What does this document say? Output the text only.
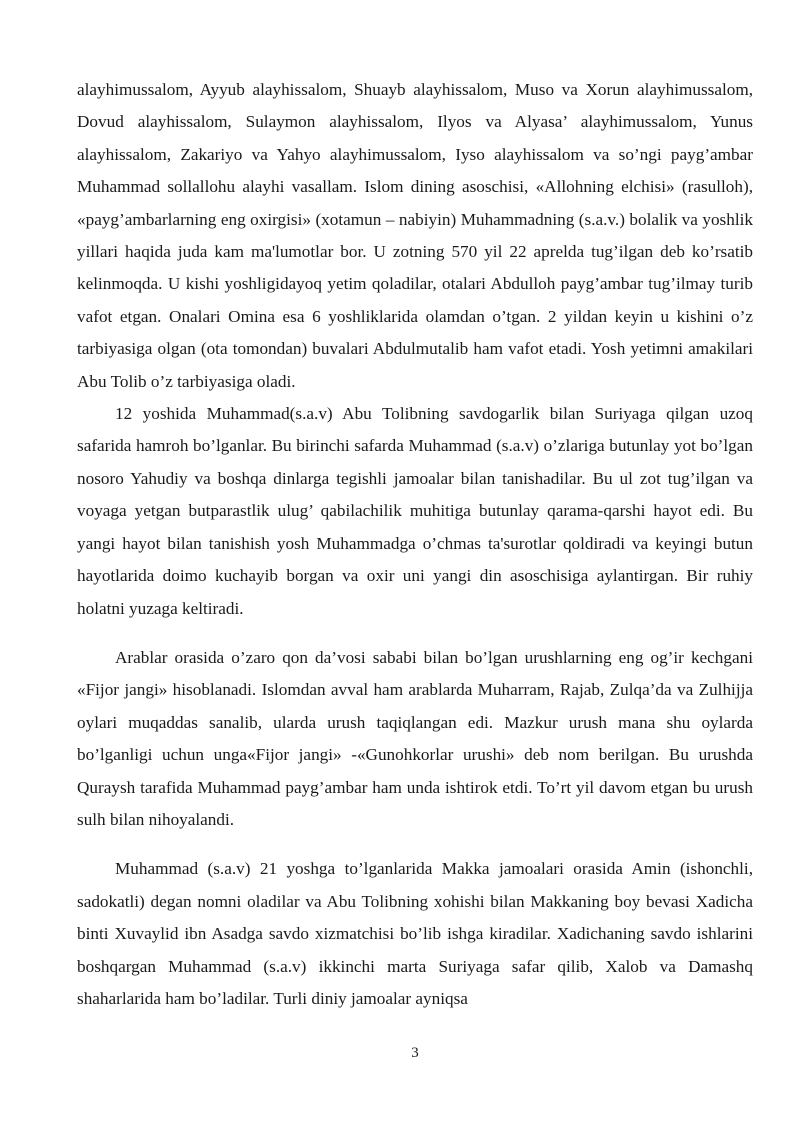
alayhimussalom, Ayyub alayhissalom, Shuayb alayhissalom, Muso va Xorun alayhimussalom, Dovud alayhissalom, Sulaymon alayhissalom, Ilyos va Alyasa’ alayhimussalom, Yunus alayhissalom, Zakariyo va Yahyo alayhimussalom, Iyso alayhissalom va so’ngi payg’ambar Muhammad sollallohu alayhi vasallam. Islom dining asoschisi, «Allohning elchisi» (rasulloh), «payg’ambarlarning eng oxirgisi» (xotamun – nabiyin) Muhammadning (s.a.v.) bolalik va yoshlik yillari haqida juda kam ma'lumotlar bor. U zotning 570 yil 22 aprelda tug’ilgan deb ko’rsatib kelinmoqda. U kishi yoshligidayoq yetim qoladilar, otalari Abdulloh payg’ambar tug’ilmay turib vafot etgan. Onalari Omina esa 6 yoshliklarida olamdan o’tgan. 2 yildan keyin u kishini o’z tarbiyasiga olgan (ota tomondan) buvalari Abdulmutalib ham vafot etadi. Yosh yetimni amakilari Abu Tolib o’z tarbiyasiga oladi.

12 yoshida Muhammad(s.a.v) Abu Tolibning savdogarlik bilan Suriyaga qilgan uzoq safarida hamroh bo’lganlar. Bu birinchi safarda Muhammad (s.a.v) o’zlariga butunlay yot bo’lgan nosoro Yahudiy va boshqa dinlarga tegishli jamoalar bilan tanishadilar. Bu ul zot tug’ilgan va voyaga yetgan butparastlik ulug’ qabilachilik muhitiga butunlay qarama-qarshi hayot edi. Bu yangi hayot bilan tanishish yosh Muhammadga o’chmas ta'surotlar qoldiradi va keyingi butun hayotlarida doimo kuchayib borgan va oxir uni yangi din asoschisiga aylantirgan. Bir ruhiy holatni yuzaga keltiradi.

Arablar orasida o’zaro qon da’vosi sababi bilan bo’lgan urushlarning eng og’ir kechgani «Fijor jangi» hisoblanadi. Islomdan avval ham arablarda Muharram, Rajab, Zulqa’da va Zulhijja oylari muqaddas sanalib, ularda urush taqiqlangan edi. Mazkur urush mana shu oylarda bo’lganligi uchun unga«Fijor jangi» -«Gunohkorlar urushi» deb nom berilgan. Bu urushda Quraysh tarafida Muhammad payg’ambar ham unda ishtirok etdi. To’rt yil davom etgan bu urush sulh bilan nihoyalandi.

Muhammad (s.a.v) 21 yoshga to’lganlarida Makka jamoalari orasida Amin (ishonchli, sadokatli) degan nomni oladilar va Abu Tolibning xohishi bilan Makkaning boy bevasi Xadicha binti Xuvaylid ibn Asadga savdo xizmatchisi bo’lib ishga kiradilar. Xadichaning savdo ishlarini boshqargan Muhammad (s.a.v) ikkinchi marta Suriyaga safar qilib, Xalob va Damashq shaharlarida ham bo’ladilar. Turli diniy jamoalar ayniqsa

3
